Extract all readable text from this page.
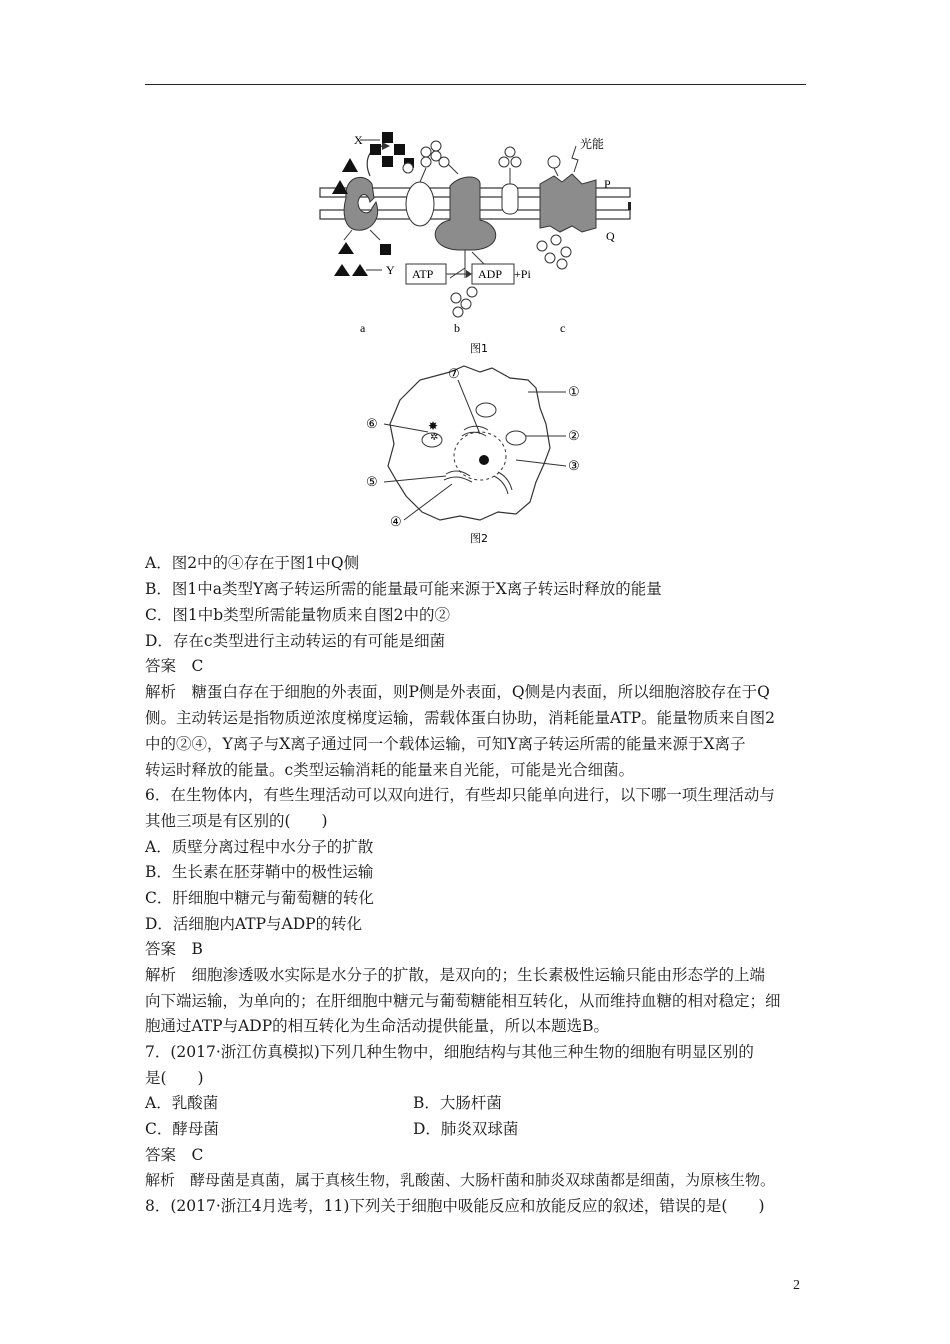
X
Y
光能
P
Q
ATP	ADP +Pi
a	b	c
图1
✸
✲
①
②
③
④
⑤
⑥
⑦
图2
A．图2中的④存在于图1中Q侧
B．图1中a类型Y离子转运所需的能量最可能来源于X离子转运时释放的能量
C．图1中b类型所需能量物质来自图2中的②
D．存在c类型进行主动转运的有可能是细菌
答案　C
解析　糖蛋白存在于细胞的外表面，则P侧是外表面，Q侧是内表面，所以细胞溶胶存在于Q
侧。主动转运是指物质逆浓度梯度运输，需载体蛋白协助，消耗能量ATP。能量物质来自图2
中的②④，Y离子与X离子通过同一个载体运输，可知Y离子转运所需的能量来源于X离子
转运时释放的能量。c类型运输消耗的能量来自光能，可能是光合细菌。
6．在生物体内，有些生理活动可以双向进行，有些却只能单向进行，以下哪一项生理活动与
其他三项是有区别的(　　)
A．质壁分离过程中水分子的扩散
B．生长素在胚芽鞘中的极性运输
C．肝细胞中糖元与葡萄糖的转化
D．活细胞内ATP与ADP的转化
答案　B
解析　细胞渗透吸水实际是水分子的扩散，是双向的；生长素极性运输只能由形态学的上端
向下端运输，为单向的；在肝细胞中糖元与葡萄糖能相互转化，从而维持血糖的相对稳定；细
胞通过ATP与ADP的相互转化为生命活动提供能量，所以本题选B。
7．(2017·浙江仿真模拟)下列几种生物中，细胞结构与其他三种生物的细胞有明显区别的
是(　　)
A．乳酸菌	B．大肠杆菌
C．酵母菌	D．肺炎双球菌
答案　C
解析　酵母菌是真菌，属于真核生物，乳酸菌、大肠杆菌和肺炎双球菌都是细菌，为原核生物。
8．(2017·浙江4月选考，11)下列关于细胞中吸能反应和放能反应的叙述，错误的是(　　)
2
